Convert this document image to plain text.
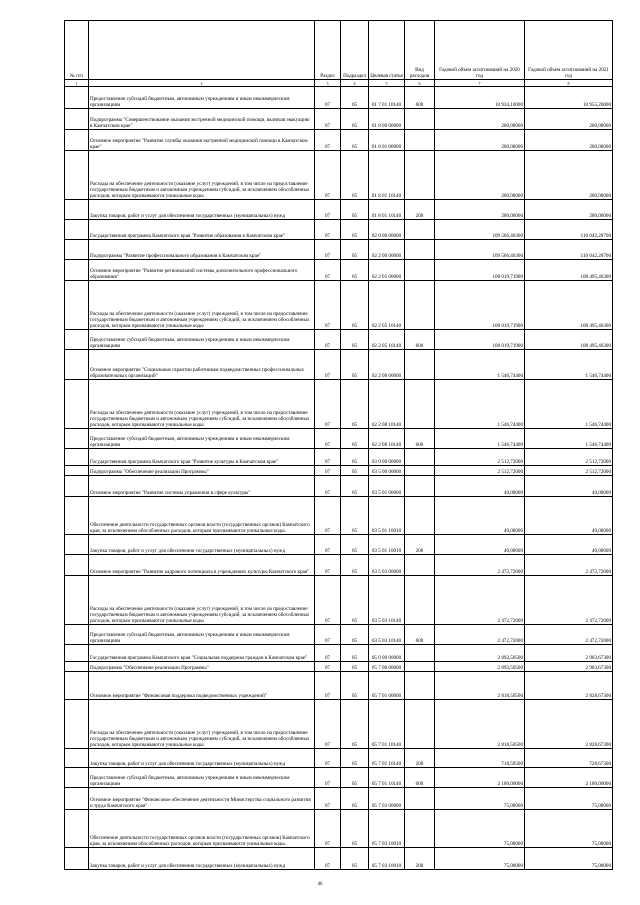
№ п/п		Раздел	Подраздел	Целевая статья	Вид расходов	Годовой объем ассигнований на 2020 год	Годовой объем ассигнований на 2021 год
1	2	3	4	5	6	7	8
	Предоставление субсидий бюджетным, автономным учреждениям и иным некоммерческим организациям	07	05	01 7 01 10140	600	10 934,10000	10 955,20000
	Подпрограмма "Совершенствование оказания экстренной медицинской помощи, включая эвакуацию в Камчатском крае"	07	05	01 8 00 00000		200,00000	200,00000
	Основное мероприятие "Развитие службы оказания экстренной медицинской помощи в Камчатском крае"	07	05	01 8 01 00000		200,00000	200,00000
	Расходы на обеспечение деятельности (оказание услуг) учреждений, в том числе на предоставление государственным бюджетным и автономным учреждениям субсидий, за исключением обособленных расходов, которым присваиваются уникальные коды	07	05	01 8 01 10140		200,00000	200,00000
	Закупка товаров, работ и услуг для обеспечения государственных (муниципальных) нужд	07	05	01 8 01 10140	200	200,00000	200,00000
	Государственная программа Камчатского края "Развитие образования в Камчатском крае"	07	05	02 0 00 00000		109 566,46300	110 042,20700
	Подпрограмма "Развитие профессионального образования в Камчатском крае"	07	05	02 2 00 00000		109 566,46300	110 042,20700
	Основное мероприятие "Развитие региональной системы дополнительного профессионального образования"	07	05	02 2 05 00000		108 019,71900	108 495,46300
	Расходы на обеспечение деятельности (оказание услуг) учреждений, в том числе на предоставление государственным бюджетным и автономным учреждениям субсидий, за исключением обособленных расходов, которым присваиваются уникальные коды	07	05	02 2 05 10140		108 019,71900	108 495,46300
	Предоставление субсидий бюджетным, автономным учреждениям и иным некоммерческим организациям	07	05	02 2 05 10140	600	108 019,71900	108 495,46300
	Основное мероприятие "Социальные гарантии работникам подведомственных профессиональных образовательных организаций"	07	05	02 2 08 00000		1 546,74400	1 546,74400
	Расходы на обеспечение деятельности (оказание услуг) учреждений, в том числе на предоставление государственным бюджетным и автономным учреждениям субсидий, за исключением обособленных расходов, которым присваиваются уникальные коды	07	05	02 2 08 10140		1 546,74400	1 546,74400
	Предоставление субсидий бюджетным, автономным учреждениям и иным некоммерческим организациям	07	05	02 2 08 10140	600	1 546,74400	1 546,74400
	Государственная программа Камчатского края "Развитие культуры в Камчатском крае"	07	05	03 0 00 00000		2 512,72000	2 512,72000
	Подпрограмма "Обеспечение реализации Программы"	07	05	03 5 00 00000		2 512,72000	2 512,72000
	Основное мероприятие "Развитие системы управления в сфере культуры"	07	05	03 5 01 00000		40,00000	40,00000
	Обеспечение деятельности государственных органов власти (государственных органов) Камчатского края, за исключением обособленных расходов, которым присваиваются уникальные коды.	07	05	03 5 01 10010		40,00000	40,00000
	Закупка товаров, работ и услуг для обеспечения государственных (муниципальных) нужд	07	05	03 5 01 10010	200	40,00000	40,00000
	Основное мероприятие "Развитие кадрового потенциала в учреждениях культуры Камчатского края"	07	05	03 5 03 00000		2 472,72000	2 472,72000
	Расходы на обеспечение деятельности (оказание услуг) учреждений, в том числе на предоставление государственным бюджетным и автономным учреждениям субсидий, за исключением обособленных расходов, которым присваиваются уникальные коды	07	05	03 5 03 10140		2 472,72000	2 472,72000
	Предоставление субсидий бюджетным, автономным учреждениям и иным некоммерческим организациям	07	05	03 5 03 10140	600	2 472,72000	2 472,72000
	Государственная программа Камчатского края "Социальная поддержка граждан в Камчатском крае"	07	05	05 0 00 00000		2 893,50500	2 903,67300
	Подпрограмма "Обеспечение реализации Программы"	07	05	05 7 00 00000		2 893,50500	2 903,67300
	Основное мероприятие "Финансовая поддержка подведомственных учреждений"	07	05	05 7 01 00000		2 818,50500	2 828,67300
	Расходы на обеспечение деятельности (оказание услуг) учреждений, в том числе на предоставление государственным бюджетным и автономным учреждениям субсидий, за исключением обособленных расходов, которым присваиваются уникальные коды	07	05	05 7 01 10140		2 818,50500	2 828,67300
	Закупка товаров, работ и услуг для обеспечения государственных (муниципальных) нужд	07	05	05 7 01 10140	200	718,50500	728,67300
	Предоставление субсидий бюджетным, автономным учреждениям и иным некоммерческим организациям	07	05	05 7 01 10140	600	2 100,00000	2 100,00000
	Основное мероприятие "Финансовое обеспечение деятельности Министерства социального развития и труда Камчатского края"	07	05	05 7 03 00000		75,00000	75,00000
	Обеспечение деятельности государственных органов власти (государственных органов) Камчатского края, за исключением обособленных расходов, которым присваиваются уникальные коды.	07	05	05 7 03 10010		75,00000	75,00000
	Закупка товаров, работ и услуг для обеспечения государственных (муниципальных) нужд	07	05	05 7 03 10010	200	75,00000	75,00000
46
